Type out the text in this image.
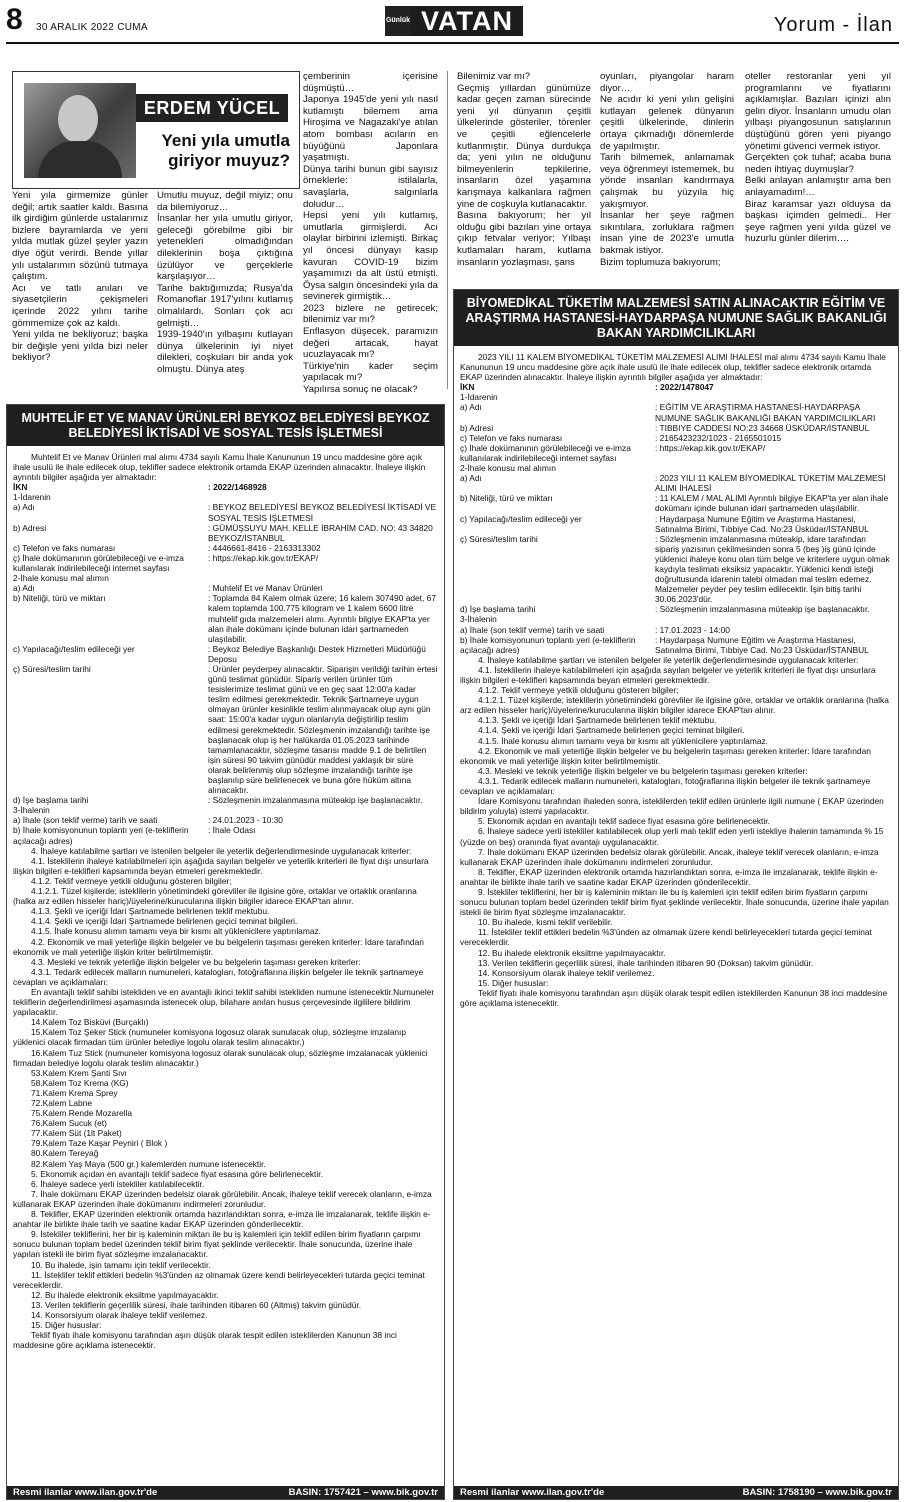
8 30 ARALIK 2022 CUMA
Günlük VATAN	Yorum - İlan
ERDEM YÜCEL
Yeni yıla umutla giriyor muyuz?
Yeni yıla girmemize günler değil; artık saatler kaldı. Basına ilk girdiğim günlerde ustalarımız bizlere bayramlarda ve yeni yılda mutlak güzel şeyler yazın diye öğüt verirdi. Bende yıllar yılı ustalarımın sözünü tutmaya çalıştım.
Acı ve tatlı anıları ve siyasetçilerin çekişmeleri içerinde 2022 yılını tarihe gömmemize çok az kaldı.
Yeni yılda ne bekliyoruz; başka bir değişle yeni yılda bizi neler bekliyor?
Umutlu muyuz, değil miyiz; onu da bilemiyoruz…
İnsanlar her yıla umutlu giriyor, geleceği görebilme gibi bir yetenekleri olmadığından dileklerinin boşa çıktığına üzülüyor ve gerçeklerle karşılaşıyor…
Tarihe baktığımızda; Rusya'da Romanoflar 1917'yılını kutlamış olmalılardı. Sonları çok acı gelmişti…
1939-1940'ın yılbaşını kutlayan dünya ülkelerinin iyi niyet dilekleri, coşkuları bir anda yok olmuştu. Dünya ateş
çemberinin içerisine düşmüştü…
Japonya 1945'de yeni yılı nasıl kutlamıştı bilemem ama Hiroşima ve Nagazaki'ye atılan atom bombası acıların en büyüğünü Japonlara yaşatmıştı.
Dünya tarihi bunun gibi sayısız örneklerle: istilalarla, savaşlarla, salgınlarla doludur…
Hepsi yeni yılı kutlamış, umutlarla girmişlerdi. Acı olaylar birbirini izlemişti. Birkaç yıl öncesi dünyayı kasıp kavuran COVID-19 bizim yaşamımızı da alt üstü etmişti. Öysa salgın öncesindeki yıla da sevinerek girmiştik…
2023 bizlere ne getirecek; bilenimiz var mı?
Enflasyon düşecek, paramızın değeri artacak, hayat ucuzlayacak mı?
Türkiye'nin kader seçim yapılacak mı?
Yapılırsa sonuç ne olacak?
Bilenimiz var mı?
Geçmiş yıllardan günümüze kadar geçen zaman sürecinde yeni yıl dünyanın çeşitli ülkelerinde gösteriler, törenler ve çeşitli eğlencelerle kutlanmıştır. Dünya durdukça da; yeni yılın ne olduğunu bilmeyenlerin tepkilerine, insanların özel yaşamına karışmaya kalkanlara rağmen yine de coşkuyla kutlanacaktır.
Basına bakıyorum; her yıl olduğu gibi bazıları yine ortaya çıkıp fetvalar veriyor; Yılbaşı kutlamaları haram, kutlama insanların yozlaşması, şans
oyunları, piyangolar haram diyor…
Ne acıdır ki yeni yılın gelişini kutlayan gelenek dünyanın çeşitli ülkelerinde, dinlerin ortaya çıkmadığı dönemlerde de yapılmıştır.
Tarih bilmemek, anlamamak veya öğrenmeyi istememek, bu yönde insanları kandırmaya çalışmak bu yüzyıla hiç yakışmıyor.
İnsanlar her şeye rağmen sıkıntılara, zorluklara rağmen insan yine de 2023'e umutla bakmak istiyor.
Bizim toplumuza bakıyorum;
oteller restoranlar yeni yıl programlarını ve fiyatlarını açıklamışlar. Bazıları içinizi alın gelin diyor. İnsanların umudu olan yılbaşı piyangosunun satışlarının düştüğünü gören yeni piyango yönetimi güvenci vermek istiyor.
Gerçekten çok tuhaf; acaba buna neden ihtiyaç duymuşlar?
Belki anlayan anlamıştır ama ben anlayamadım!…
Biraz karamsar yazı olduysa da başkası içimden gelmedi.. Her şeye rağmen yeni yılda güzel ve huzurlu günler dilerim….
MUHTELİF ET VE MANAV ÜRÜNLERİ BEYKOZ BELEDİYESİ BEYKOZ BELEDİYESİ İKTİSADİ VE SOSYAL TESİS İŞLETMESİ

Muhtelif Et ve Manav Ürünleri mal alımı 4734 sayılı Kamu İhale Kanununun 19 uncu maddesine göre açık ihale usulü ile ihale edilecek olup, teklifler sadece elektronik ortamda EKAP üzerinden alınacaktır. İhaleye ilişkin ayrıntılı bilgiler aşağıda yer almaktadır:

İKN	: 2022/1468928
1-İdarenin
a) Adı	: BEYKOZ BELEDİYESİ BEYKOZ BELEDİYESİ İKTİSADİ VE SOSYAL TESİS İŞLETMESİ
b) Adresi	: GÜMÜŞSUYU MAH. KELLE İBRAHİM CAD. NO: 43 34820 BEYKOZ/İSTANBUL
c) Telefon ve faks numarası	: 4446661-8416 - 2163313302
ç) İhale dokümanının görülebileceği ve e-imza kullanılarak indirilebileceği internet sayfası
: https://ekap.kik.gov.tr/EKAP/
2-İhale konusu mal alımın
a) Adı	: Muhtelif Et ve Manav Ürünleri
b) Niteliği, türü ve miktarı	: Toplamda 84 Kalem olmak üzere; 16 kalem 307490 adet, 67 kalem toplamda 100.775 kilogram ve 1 kalem 6600 litre muhtelif gıda malzemeleri alımı. Ayrıntılı bilgiye EKAP'ta yer alan ihale dokümanı içinde bulunan idari şartnameden ulaşılabilir.
c) Yapılacağı/teslim edileceği yer	: Beykoz Belediye Başkanlığı Destek Hizmetleri Müdürlüğü Deposu
ç) Süresi/teslim tarihi	: Ürünler peyderpey alınacaktır. Siparişin verildiği tarihin ertesi günü teslimat günüdür. Sipariş verilen ürünler tüm tesislerimize teslimat günü ve en geç saat 12:00'a kadar teslim edilmesi gerekmektedir. Teknik Şartnameye uygun olmayan ürünler kesinlikle teslim alınmayacak olup aynı gün saat: 15:00'a kadar uygun olanlarıyla değiştirilip teslim edilmesi gerekmektedir. Sözleşmenin imzalandığı tarihte işe başlanacak olup iş her halükarda 01.05.2023 tarihinde tamamlanacaktır, sözleşme tasarısı madde 9.1 de belirtilen işin süresi 90 takvim günüdür maddesi yaklaşık bir süre olarak belirlenmiş olup sözleşme imzalandığı tarihte işe başlanılıp süre belirlenecek ve buna göre hüküm altına alınacaktır.
d) İşe başlama tarihi	: Sözleşmenin imzalanmasına müteakip işe başlanacaktır.
3-İhalenin
a) İhale (son teklif verme) tarih ve saati	: 24.01.2023 - 10:30
b) İhale komisyonunun toplantı yeri (e-tekliflerin açılacağı adres)
: İhale Odası

4. İhaleye katılabilme şartları ve istenilen belgeler ile yeterlik değerlendirmesinde uygulanacak kriterler:

4.1. İsteklilerin ihaleye katılabilmeleri için aşağıda sayılan belgeler ve yeterlik kriterleri ile fiyat dışı unsurlara ilişkin bilgileri e-teklifleri kapsamında beyan etmeleri gerekmektedir.

4.1.2. Teklif vermeye yetkili olduğunu gösteren bilgiler;

4.1.2.1. Tüzel kişilerde; isteklilerin yönetimindeki görevliler ile ilgisine göre, ortaklar ve ortaklık oranlarına (halka arz edilen hisseler hariç)/üyelerine/kurucularına ilişkin bilgiler idarece EKAP'tan alınır.

4.1.3. Şekli ve içeriği İdari Şartnamede belirlenen teklif mektubu.

4.1.4. Şekli ve içeriği İdari Şartnamede belirlenen geçici teminat bilgileri.

4.1.5. İhale konusu alımın tamamı veya bir kısmı alt yüklenicilere yaptırılamaz.

4.2. Ekonomik ve mali yeterliğe ilişkin belgeler ve bu belgelerin taşıması gereken kriterler: İdare tarafından ekonomik ve mali yeterliğe ilişkin kriter belirtilmemiştir.

4.3. Mesleki ve teknik yeterliğe ilişkin belgeler ve bu belgelerin taşıması gereken kriterler:

4.3.1. Tedarik edilecek malların numuneleri, katalogları, fotoğraflarına ilişkin belgeler ile teknik şartnameye cevapları ve açıklamaları:

En avantajlı teklif sahibi istekliden ve en avantajlı ikinci teklif sahibi istekliden numune istenecektir.Numuneler tekliflerin değerlendirilmesi aşamasında istenecek olup, bilahare anılan husus çerçevesinde ilgililere bildirim yapılacaktır.

14.Kalem Toz Bisküvi (Burçaklı)

15.Kalem Toz Şeker Stick (numuneler komisyona logosuz olarak sunulacak olup, sözleşme imzalanıp yüklenici olacak firmadan tüm ürünler belediye logolu olarak teslim alınacaktır.)

16.Kalem Tuz Stick (numuneler komisyona logosuz olarak sunulacak olup, sözleşme imzalanacak yüklenici firmadan belediye logolu olarak teslim alınacaktır.)

53.Kalem Krem Şanti Sıvı

58.Kalem Toz Krema (KG)

71.Kalem Krema Sprey

72.Kalem Labne

75.Kalem Rende Mozarella

76.Kalem Sucuk (et)

77.Kalem Süt (1lt Paket)

79.Kalem Taze Kaşar Peyniri ( Blok )

80.Kalem Tereyağ

82.Kalem Yaş Maya (500 gr.) kalemlerden numune istenecektir.

5. Ekonomik açıdan en avantajlı teklif sadece fiyat esasına göre belirlenecektir.

6. İhaleye sadece yerli istekliler katılabilecektir.

7. İhale dokümanı EKAP üzerinden bedelsiz olarak görülebilir. Ancak, ihaleye teklif verecek olanların, e-imza kullanarak EKAP üzerinden ihale dokümanını indirmeleri zorunludur.

8. Teklifler, EKAP üzerinden elektronik ortamda hazırlandıktan sonra, e-imza ile imzalanarak, teklife ilişkin e-anahtar ile birlikte ihale tarih ve saatine kadar EKAP üzerinden gönderilecektir.

9. İstekliler tekliflerini, her bir iş kaleminin miktarı ile bu iş kalemleri için teklif edilen birim fiyatların çarpımı sonucu bulunan toplam bedel üzerinden teklif birim fiyat şeklinde verilecektir. İhale sonucunda, üzerine ihale yapılan istekli ile birim fiyat sözleşme imzalanacaktır.

10. Bu ihalede, işin tamamı için teklif verilecektir.

11. İstekliler teklif ettikleri bedelin %3'ünden az olmamak üzere kendi belirleyecekleri tutarda geçici teminat vereceklerdir.

12. Bu ihalede elektronik eksiltme yapılmayacaktır.

13. Verilen tekliflerin geçerlilik süresi, ihale tarihinden itibaren 60 (Altmış) takvim günüdür.

14. Konsorsiyum olarak ihaleye teklif verilemez.

15. Diğer hususlar:

Teklif fiyatı ihale komisyonu tarafından aşırı düşük olarak tespit edilen isteklilerden Kanunun 38 inci maddesine göre açıklama istenecektir.

Resmi ilanlar www.ilan.gov.tr'de	BASIN: 1757421 – www.bik.gov.tr
BİYOMEDİKAL TÜKETİM MALZEMESİ SATIN ALINACAKTIR EĞİTİM VE ARAŞTIRMA HASTANESİ-HAYDARPAŞA NUMUNE SAĞLIK BAKANLIĞI BAKAN YARDIMCILIKLARI

2023 YILI 11 KALEM BİYOMEDİKAL TÜKETİM MALZEMESİ ALIMI İHALESİ mal alımı 4734 sayılı Kamu İhale Kanununun 19 uncu maddesine göre açık ihale usulü ile ihale edilecek olup, teklifler sadece elektronik ortamda EKAP üzerinden alınacaktır. İhaleye ilişkin ayrıntılı bilgiler aşağıda yer almaktadır:

İKN	: 2022/1478047
1-İdarenin
a) Adı	: EĞİTİM VE ARAŞTIRMA HASTANESİ-HAYDARPAŞA NUMUNE SAĞLIK BAKANLIĞI BAKAN YARDIMCILIKLARI
b) Adresi	: TIBBIYE CADDESI NO:23 34668 ÜSKÜDAR/İSTANBUL
c) Telefon ve faks numarası	: 2165423232/1023 - 2165501015
ç) İhale dokümanının görülebileceği ve e-imza kullanılarak indirilebileceği internet sayfası
: https://ekap.kik.gov.tr/EKAP/
2-İhale konusu mal alımın
a) Adı	: 2023 YILI 11 KALEM BİYOMEDİKAL TÜKETİM MALZEMESİ ALIMI İHALESİ
b) Niteliği, türü ve miktarı	: 11 KALEM / MAL ALIMI Ayrıntılı bilgiye EKAP'ta yer alan ihale dokümanı içinde bulunan idari şartnameden ulaşılabilir.
c) Yapılacağı/teslim edileceği yer	: Haydarpaşa Numune Eğitim ve Araştırma Hastanesi, Satınalma Birimi, Tıbbiye Cad. No:23 Üsküdar/İSTANBUL
ç) Süresi/teslim tarihi	: Sözleşmenin imzalanmasına müteakip, idare tarafından sipariş yazısının çekilmesinden sonra 5 (beş )iş günü içinde yüklenici ihaleye konu olan tüm belge ve kriterlere uygun olmak kaydıyla teslimatı eksiksiz yapacaktır. Yüklenici kendi isteği doğrultusunda idarenin talebi olmadan mal teslim edemez. Malzemeler peyder pey teslim edilecektir. İşin bitiş tarihi 30.06.2023'dür.
d) İşe başlama tarihi	: Sözleşmenin imzalanmasına müteakip işe başlanacaktır.
3-İhalenin
a) İhale (son teklif verme) tarih ve saati	: 17.01.2023 - 14:00
b) İhale komisyonunun toplantı yeri (e-tekliflerin açılacağı adres)
: Haydarpaşa Numune Eğitim ve Araştırma Hastanesi, Satınalma Birimi, Tıbbiye Cad. No:23 Üsküdar/İSTANBUL

4. İhaleye katılabilme şartları ve istenilen belgeler ile yeterlik değerlendirmesinde uygulanacak kriterler:

4.1. İsteklilerin ihaleye katılabilmeleri için aşağıda sayılan belgeler ve yeterlik kriterleri ile fiyat dışı unsurlara ilişkin bilgileri e-teklifleri kapsamında beyan etmeleri gerekmektedir.

4.1.2. Teklif vermeye yetkili olduğunu gösteren bilgiler;

4.1.2.1. Tüzel kişilerde; isteklilerin yönetimindeki görevliler ile ilgisine göre, ortaklar ve ortaklık oranlarına (halka arz edilen hisseler hariç)/üyelerine/kurucularına ilişkin bilgiler idarece EKAP'tan alınır.

4.1.3. Şekli ve içeriği İdari Şartnamede belirlenen teklif mektubu.

4.1.4. Şekli ve içeriği İdari Şartnamede belirlenen geçici teminat bilgileri.

4.1.5. İhale konusu alımın tamamı veya bir kısmı alt yüklenicilere yaptırılamaz.

4.2. Ekonomik ve mali yeterliğe ilişkin belgeler ve bu belgelerin taşıması gereken kriterler: İdare tarafından ekonomik ve mali yeterliğe ilişkin kriter belirtilmemiştir.

4.3. Mesleki ve teknik yeterliğe ilişkin belgeler ve bu belgelerin taşıması gereken kriterler:

4.3.1. Tedarik edilecek malların numuneleri, katalogları, fotoğraflarına ilişkin belgeler ile teknik şartnameye cevapları ve açıklamaları:

İdare Komisyonu tarafından ihaleden sonra, isteklilerden teklif edilen ürünlerle ilgili numune ( EKAP üzerinden bildirim yoluyla) istemi yapılacaktır.

5. Ekonomik açıdan en avantajlı teklif sadece fiyat esasına göre belirlenecektir.

6. İhaleye sadece yerli istekliler katılabilecek olup yerli malı teklif eden yerli istekliye ihalenin tamamında % 15 (yüzde on beş) oranında fiyat avantajı uygulanacaktır.

7. İhale dokümanı EKAP üzerinden bedelsiz olarak görülebilir. Ancak, ihaleye teklif verecek olanların, e-imza kullanarak EKAP üzerinden ihale dokümanını indirmeleri zorunludur.

8. Teklifler, EKAP üzerinden elektronik ortamda hazırlandıktan sonra, e-imza ile imzalanarak, teklife ilişkin e-anahtar ile birlikte ihale tarih ve saatine kadar EKAP üzerinden gönderilecektir.

9. İstekliler tekliflerini, her bir iş kaleminin miktarı ile bu iş kalemleri için teklif edilen birim fiyatların çarpımı sonucu bulunan toplam bedel üzerinden teklif birim fiyat şeklinde verilecektir. İhale sonucunda, üzerine ihale yapılan istekli ile birim fiyat sözleşme imzalanacaktır.

10. Bu ihalede, kısmi teklif verilebilir.

11. İstekliler teklif ettikleri bedelin %3'ünden az olmamak üzere kendi belirleyecekleri tutarda geçici teminat vereceklerdir.

12. Bu ihalede elektronik eksiltme yapılmayacaktır.

13. Verilen tekliflerin geçerlilik süresi, ihale tarihinden itibaren 90 (Doksan) takvim günüdür.

14. Konsorsiyum olarak ihaleye teklif verilemez.

15. Diğer hususlar:

Teklif fiyatı ihale komisyonu tarafından aşırı düşük olarak tespit edilen isteklilerden Kanunun 38 inci maddesine göre açıklama istenecektir.

Resmi ilanlar www.ilan.gov.tr'de	BASIN: 1758190 – www.bik.gov.tr
